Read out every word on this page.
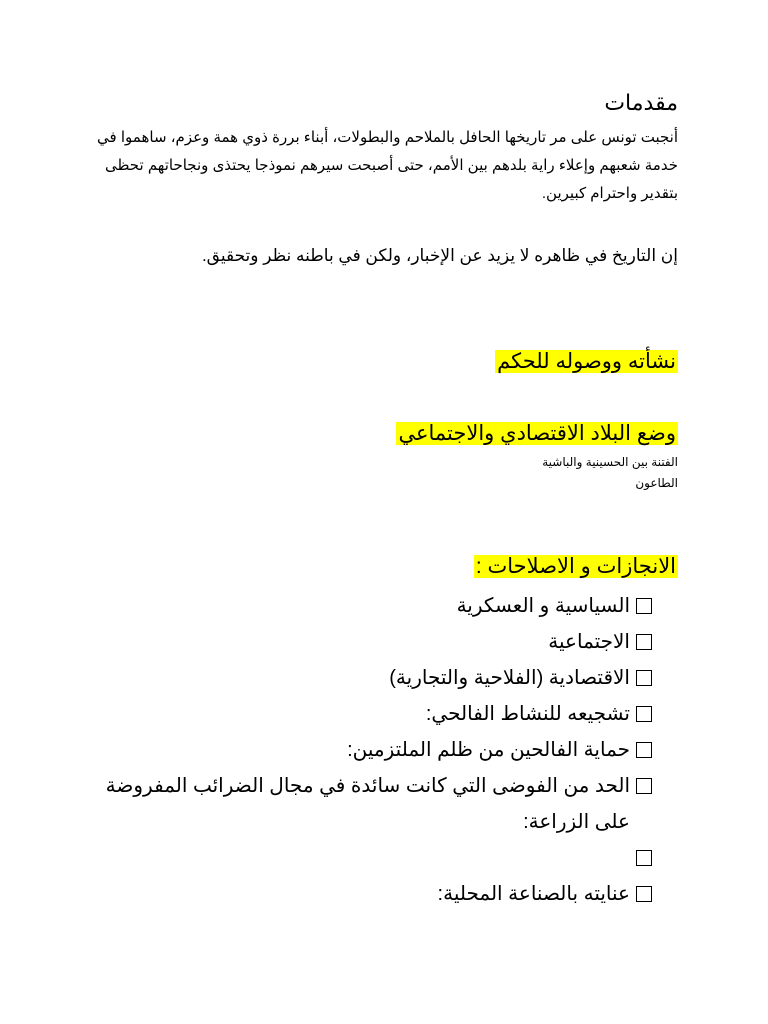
مقدمات
أنجبت تونس على مر تاريخها الحافل بالملاحم والبطولات، أبناء بررة ذوي همة وعزم، ساهموا في خدمة شعبهم وإعلاء راية بلدهم بين الأمم، حتى أصبحت سيرهم نموذجا يحتذى ونجاحاتهم تحظى بتقدير واحترام كبيرين.
إن التاريخ في ظاهره لا يزيد عن الإخبار، ولكن في باطنه نظر وتحقيق.
نشأته ووصوله للحكم
وضع البلاد الاقتصادي والاجتماعي
الفتنة بين الحسينية والباشية
الطاعون
الانجازات و الاصلاحات :
السياسية و العسكرية
الاجتماعية
الاقتصادية (الفلاحية والتجارية)
تشجيعه للنشاط الفالحي:
حماية الفالحين من ظلم الملتزمين:
الحد من الفوضى التي كانت سائدة في مجال الضرائب المفروضة على الزراعة:

عنايته بالصناعة المحلية:
